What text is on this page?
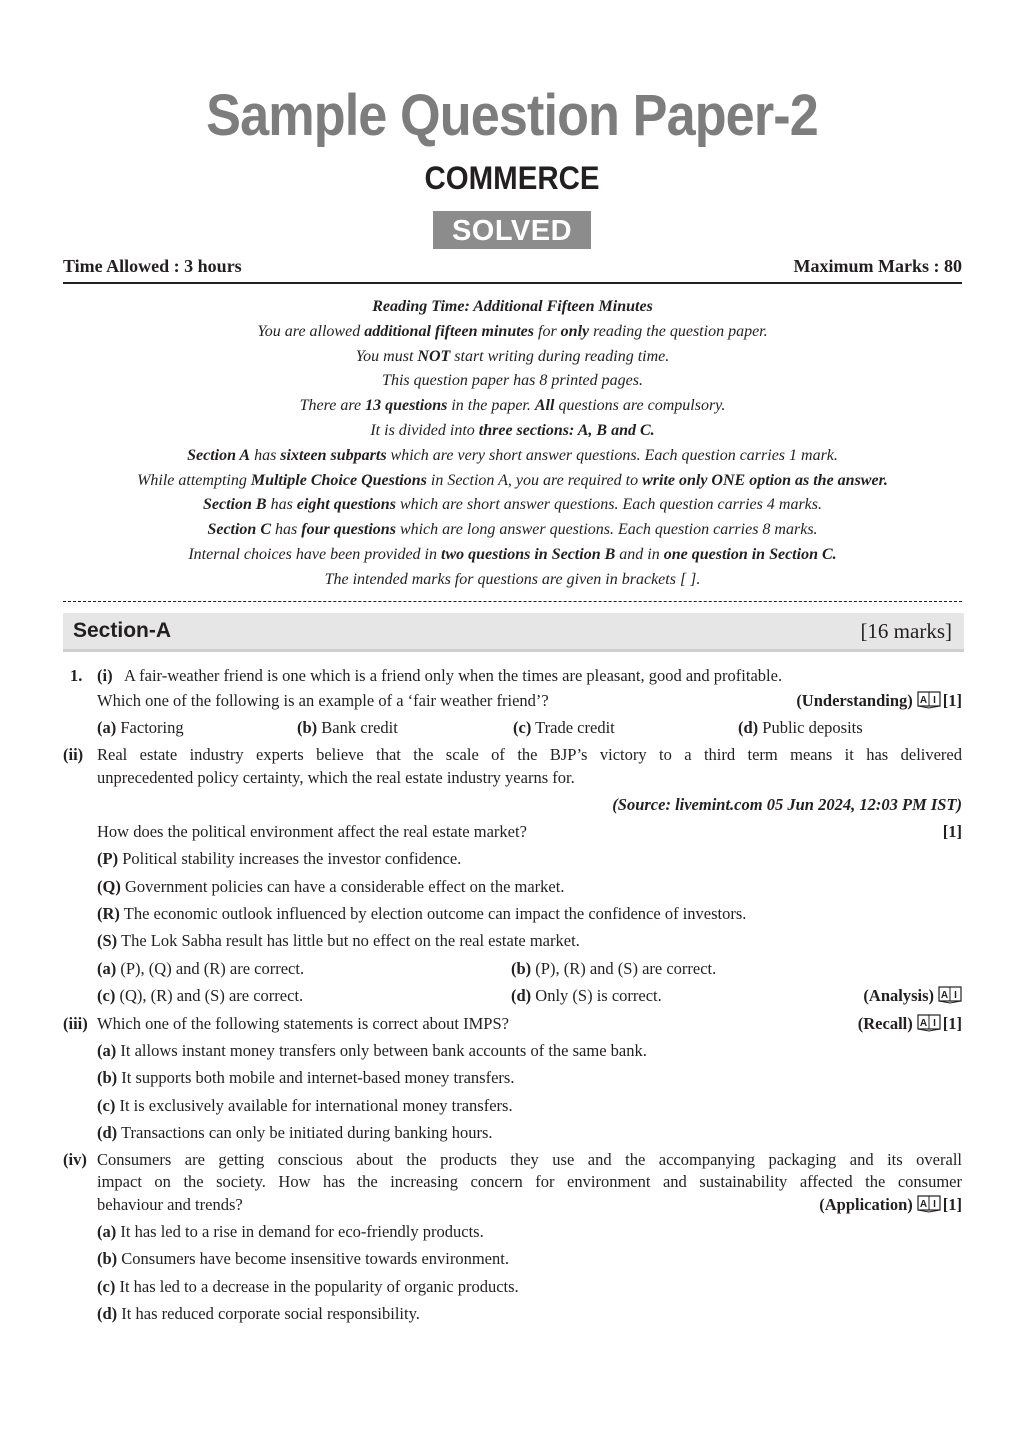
Sample Question Paper-2
COMMERCE
SOLVED
Time Allowed : 3 hours	Maximum Marks : 80
Reading Time: Additional Fifteen Minutes
You are allowed additional fifteen minutes for only reading the question paper.
You must NOT start writing during reading time.
This question paper has 8 printed pages.
There are 13 questions in the paper. All questions are compulsory.
It is divided into three sections: A, B and C.
Section A has sixteen subparts which are very short answer questions. Each question carries 1 mark.
While attempting Multiple Choice Questions in Section A, you are required to write only ONE option as the answer.
Section B has eight questions which are short answer questions. Each question carries 4 marks.
Section C has four questions which are long answer questions. Each question carries 8 marks.
Internal choices have been provided in two questions in Section B and in one question in Section C.
The intended marks for questions are given in brackets [ ].
Section-A	[16 marks]
1. (i) A fair-weather friend is one which is a friend only when the times are pleasant, good and profitable.
Which one of the following is an example of a ‘fair weather friend’?	(Understanding) A I [1]
(a) Factoring	(b) Bank credit	(c) Trade credit	(d) Public deposits
(ii) Real estate industry experts believe that the scale of the BJP’s victory to a third term means it has delivered
unprecedented policy certainty, which the real estate industry yearns for.
(Source: livemint.com 05 Jun 2024, 12:03 PM IST)
How does the political environment affect the real estate market?	[1]
(P) Political stability increases the investor confidence.
(Q) Government policies can have a considerable effect on the market.
(R) The economic outlook influenced by election outcome can impact the confidence of investors.
(S) The Lok Sabha result has little but no effect on the real estate market.
(a) (P), (Q) and (R) are correct.	(b) (P), (R) and (S) are correct.
(c) (Q), (R) and (S) are correct.	(d) Only (S) is correct.	(Analysis) A I
(iii) Which one of the following statements is correct about IMPS?	(Recall) A I [1]
(a) It allows instant money transfers only between bank accounts of the same bank.
(b) It supports both mobile and internet-based money transfers.
(c) It is exclusively available for international money transfers.
(d) Transactions can only be initiated during banking hours.
(iv) Consumers are getting conscious about the products they use and the accompanying packaging and its overall
impact on the society. How has the increasing concern for environment and sustainability affected the consumer
behaviour and trends?	(Application) A I [1]
(a) It has led to a rise in demand for eco-friendly products.
(b) Consumers have become insensitive towards environment.
(c) It has led to a decrease in the popularity of organic products.
(d) It has reduced corporate social responsibility.
